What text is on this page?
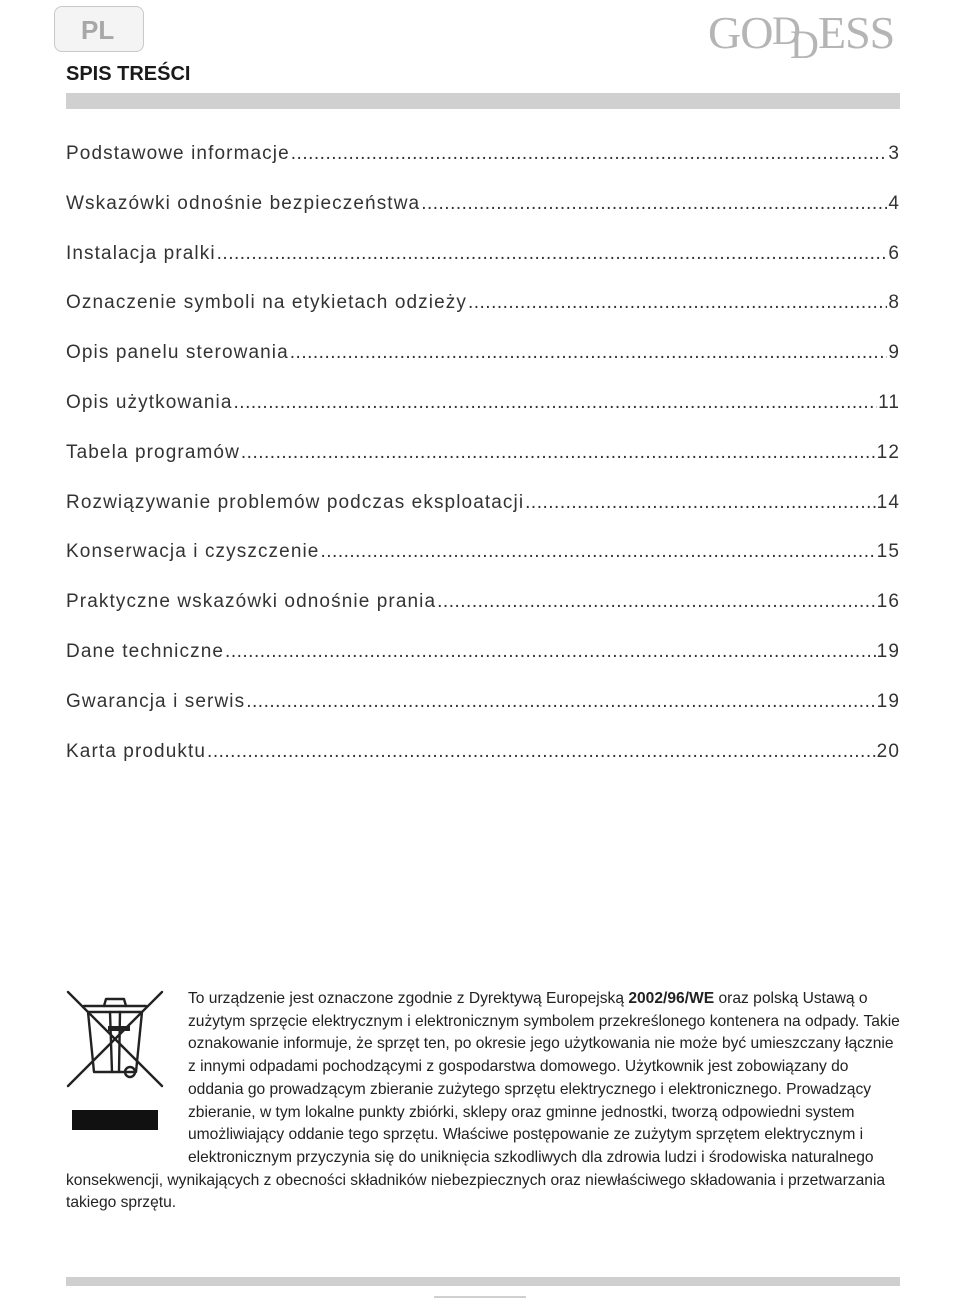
PL	GO D
D ESS
SPIS TREŚCI
Podstawowe informacje .....	3
Wskazówki odnośnie bezpieczeństwa .....	4
Instalacja pralki .....	6
Oznaczenie symboli na etykietach odzieży .....	8
Opis panelu sterowania .....	9
Opis użytkowania .....	11
Tabela programów .....	12
Rozwiązywanie problemów podczas eksploatacji .....	14
Konserwacja i czyszczenie .....	15
Praktyczne wskazówki odnośnie prania .....	16
Dane techniczne .....	19
Gwarancja i serwis .....	19
Karta produktu .....	20

To urządzenie jest oznaczone zgodnie z Dyrektywą Europejską 2002/96/WE oraz polską Ustawą o zużytym sprzęcie elektrycznym i elektronicznym symbolem przekreślonego kontenera na odpady. Takie oznakowanie informuje, że sprzęt ten, po okresie jego użytkowania nie może być umieszczany łącznie z innymi odpadami pochodzącymi z gospodarstwa domowego. Użytkownik jest zobowiązany do oddania go prowadzącym zbieranie zużytego sprzętu elektrycznego i elektronicznego. Prowadzący zbieranie, w tym lokalne punkty zbiórki, sklepy oraz gminne jednostki, tworzą odpowiedni system umożliwiający oddanie tego sprzętu. Właściwe postępowanie ze zużytym sprzętem elektrycznym i elektronicznym przyczynia się do uniknięcia szkodliwych dla zdrowia ludzi i środowiska naturalnego konsekwencji, wynikających z obecności składników niebezpiecznych oraz niewłaściwego składowania i przetwarzania takiego sprzętu.
